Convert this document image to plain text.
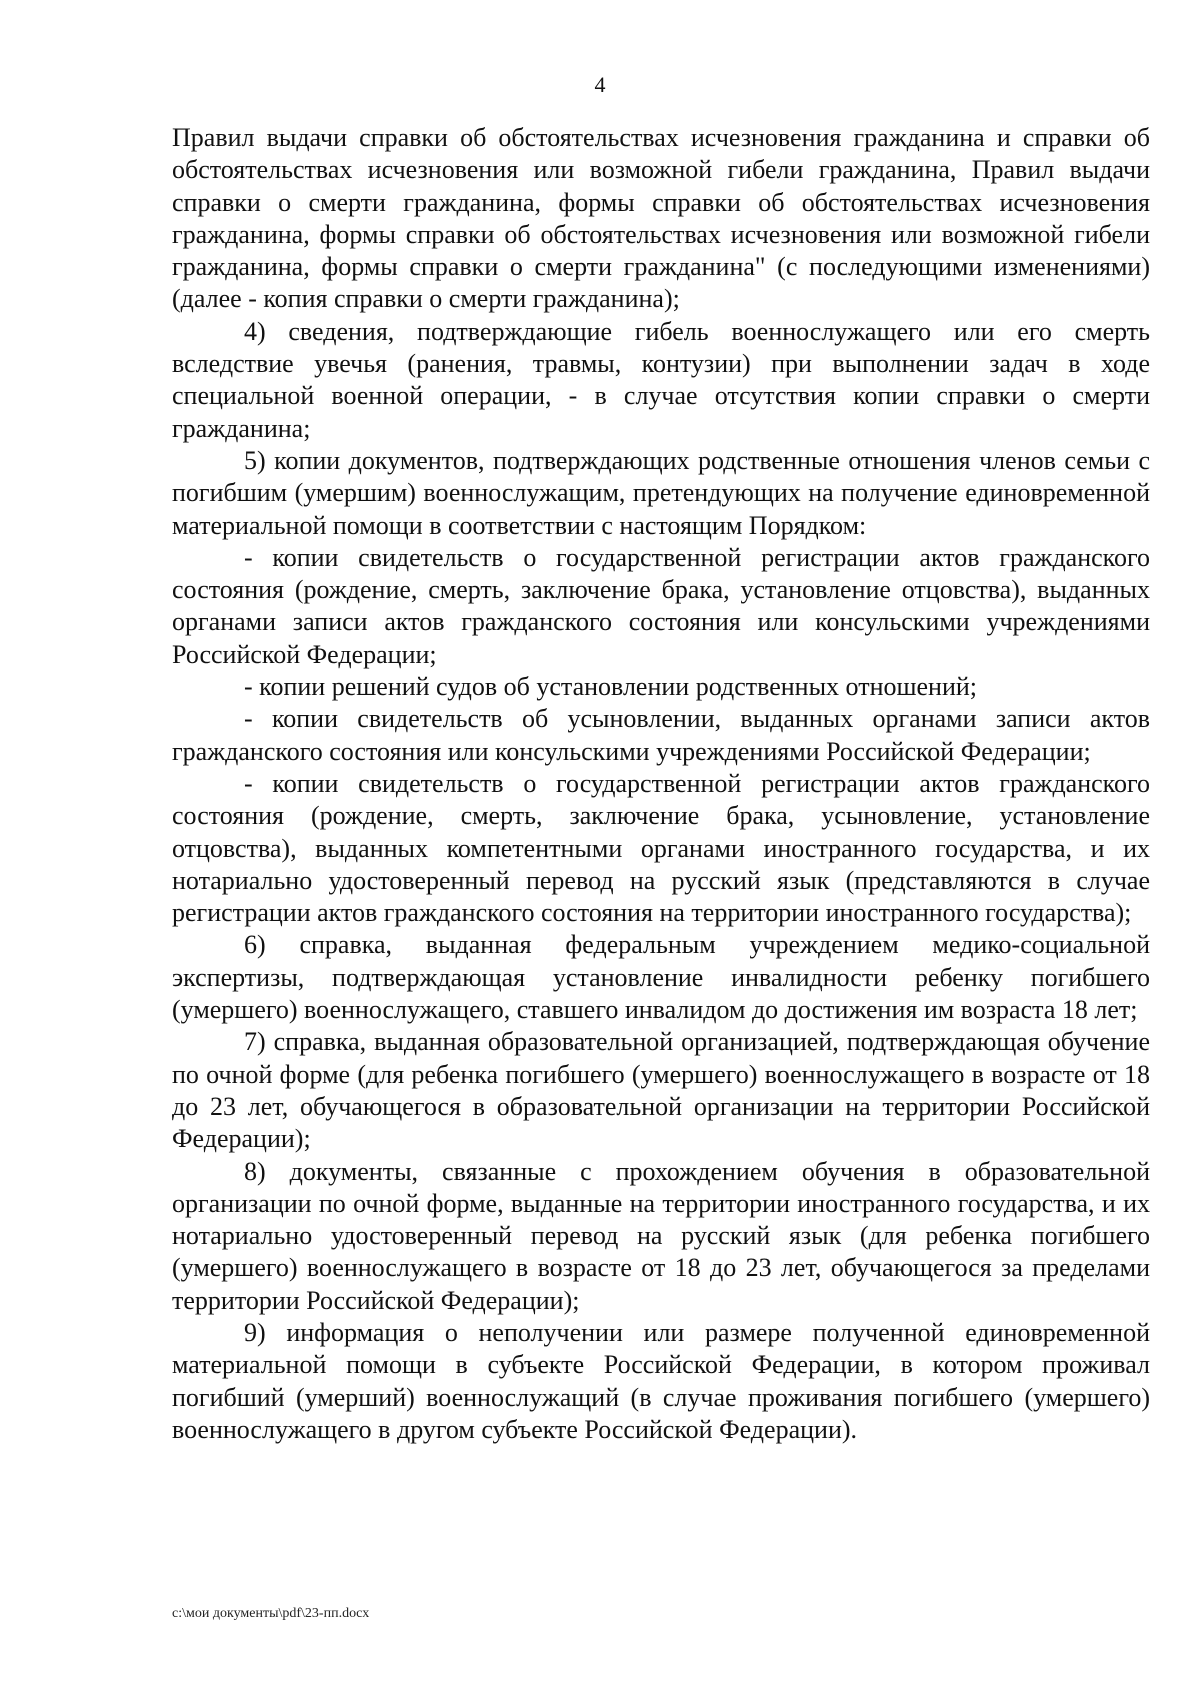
4

Правил выдачи справки об обстоятельствах исчезновения гражданина и справки об обстоятельствах исчезновения или возможной гибели гражданина, Правил выдачи справки о смерти гражданина, формы справки об обстоятельствах исчезновения гражданина, формы справки об обстоятельствах исчезновения или возможной гибели гражданина, формы справки о смерти гражданина" (с последующими изменениями) (далее - копия справки о смерти гражданина);

4) сведения, подтверждающие гибель военнослужащего или его смерть вследствие увечья (ранения, травмы, контузии) при выполнении задач в ходе специальной военной операции, - в случае отсутствия копии справки о смерти гражданина;

5) копии документов, подтверждающих родственные отношения членов семьи с погибшим (умершим) военнослужащим, претендующих на получение единовременной материальной помощи в соответствии с настоящим Порядком:

- копии свидетельств о государственной регистрации актов гражданского состояния (рождение, смерть, заключение брака, установление отцовства), выданных органами записи актов гражданского состояния или консульскими учреждениями Российской Федерации;

- копии решений судов об установлении родственных отношений;

- копии свидетельств об усыновлении, выданных органами записи актов гражданского состояния или консульскими учреждениями Российской Федерации;

- копии свидетельств о государственной регистрации актов гражданского состояния (рождение, смерть, заключение брака, усыновление, установление отцовства), выданных компетентными органами иностранного государства, и их нотариально удостоверенный перевод на русский язык (представляются в случае регистрации актов гражданского состояния на территории иностранного государства);

6) справка, выданная федеральным учреждением медико-социальной экспертизы, подтверждающая установление инвалидности ребенку погибшего (умершего) военнослужащего, ставшего инвалидом до достижения им возраста 18 лет;

7) справка, выданная образовательной организацией, подтверждающая обучение по очной форме (для ребенка погибшего (умершего) военнослужащего в возрасте от 18 до 23 лет, обучающегося в образовательной организации на территории Российской Федерации);

8) документы, связанные с прохождением обучения в образовательной организации по очной форме, выданные на территории иностранного государства, и их нотариально удостоверенный перевод на русский язык (для ребенка погибшего (умершего) военнослужащего в возрасте от 18 до 23 лет, обучающегося за пределами территории Российской Федерации);

9) информация о неполучении или размере полученной единовременной материальной помощи в субъекте Российской Федерации, в котором проживал погибший (умерший) военнослужащий (в случае проживания погибшего (умершего) военнослужащего в другом субъекте Российской Федерации).

c:\мои документы\pdf\23-пп.docx
